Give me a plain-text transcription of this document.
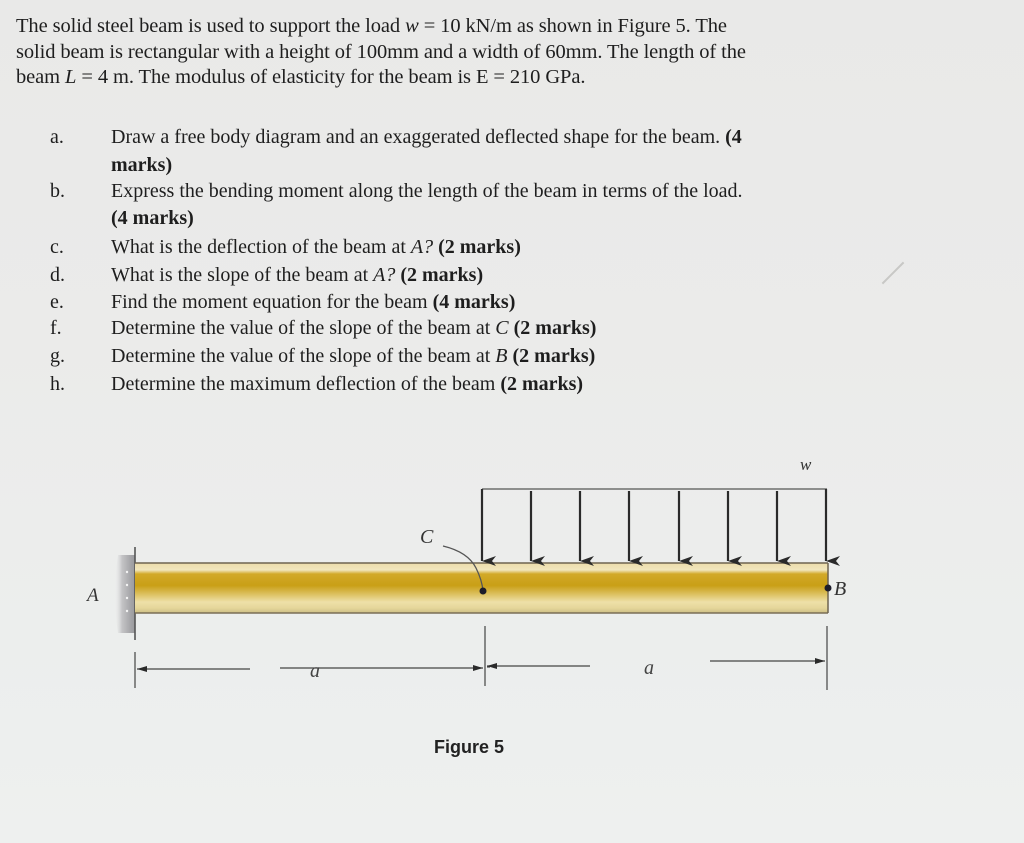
The solid steel beam is used to support the load w = 10 kN/m as shown in Figure 5. The
solid beam is rectangular with a height of 100mm and a width of 60mm. The length of the
beam L = 4 m. The modulus of elasticity for the beam is E = 210 GPa.
a. Draw a free body diagram and an exaggerated deflected shape for the beam. (4
marks)
b. Express the bending moment along the length of the beam in terms of the load.
(4 marks)
c. What is the deflection of the beam at A? (2 marks)
d. What is the slope of the beam at A? (2 marks)
e. Find the moment equation for the beam (4 marks)
f. Determine the value of the slope of the beam at C (2 marks)
g. Determine the value of the slope of the beam at B (2 marks)
h. Determine the maximum deflection of the beam (2 marks)
w
C
B
A
a	a
Figure 5
